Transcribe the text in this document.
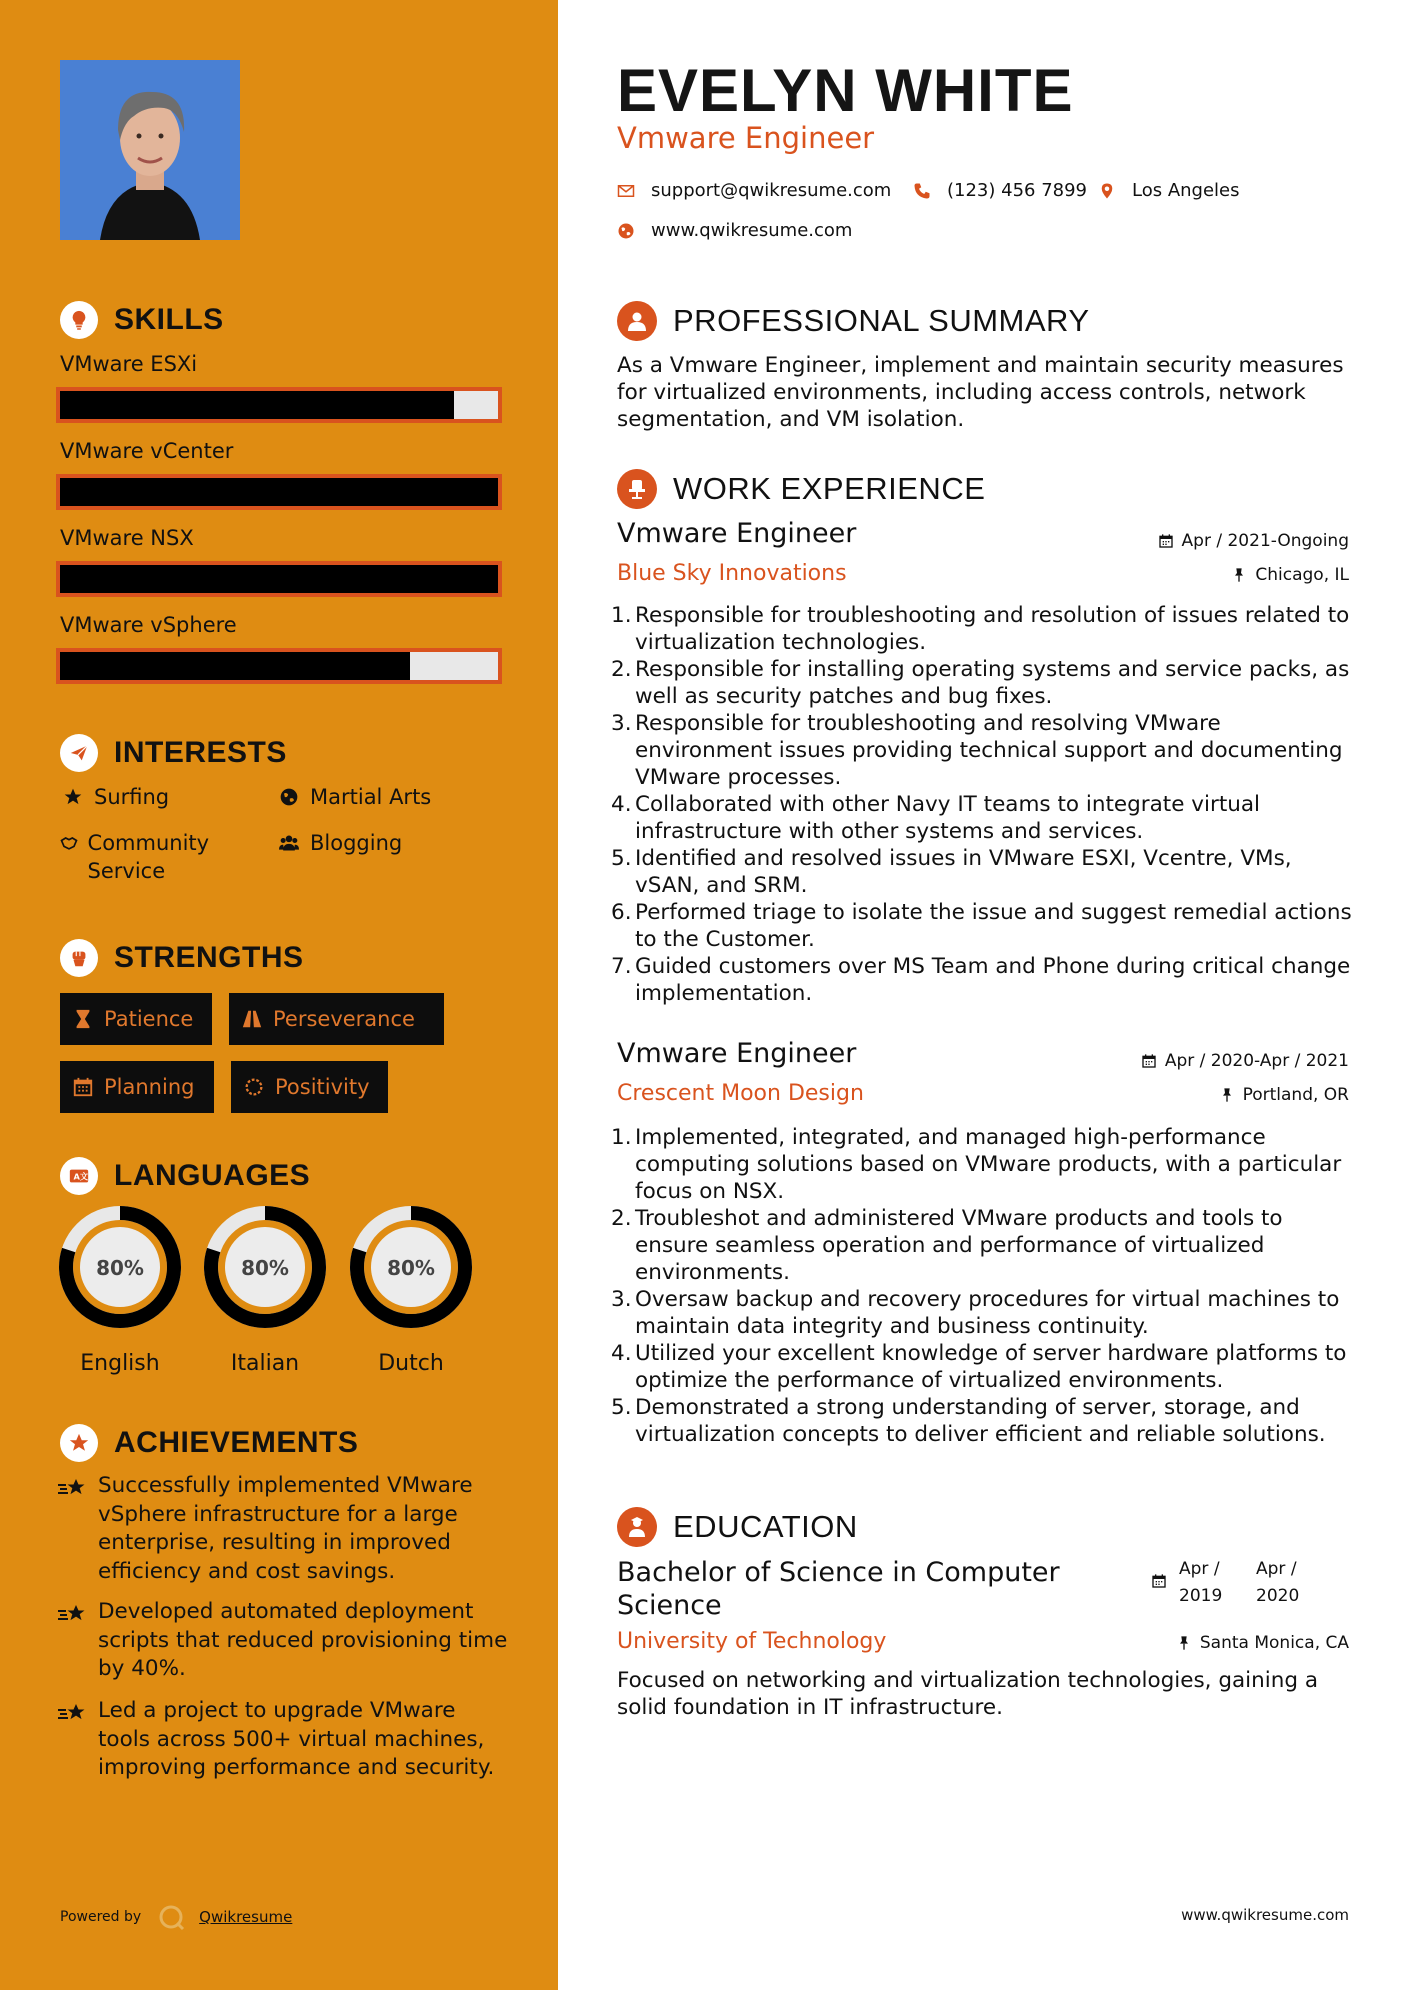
SKILLS
VMware ESXi
VMware vCenter
VMware NSX
VMware vSphere
INTERESTS
Surfing	Martial Arts
Community Service
Blogging
STRENGTHS
Patience	Perseverance
Planning	Positivity
A 文 LANGUAGES
80%
English
80%
Italian
80%
Dutch
ACHIEVEMENTS
Successfully implemented VMware vSphere infrastructure for a large enterprise, resulting in improved efficiency and cost savings.
Developed automated deployment scripts that reduced provisioning time by 40%.
Led a project to upgrade VMware tools across 500+ virtual machines, improving performance and security.
Powered by	Qwikresume
EVELYN WHITE
Vmware Engineer
support@qwikresume.com	(123) 456 7899 Los Angeles
www.qwikresume.com
PROFESSIONAL SUMMARY
As a Vmware Engineer, implement and maintain security measures for virtualized environments, including access controls, network segmentation, and VM isolation.
WORK EXPERIENCE
Vmware Engineer	Apr / 2021-Ongoing
Blue Sky Innovations	Chicago, IL
Responsible for troubleshooting and resolution of issues related to virtualization technologies.
Responsible for installing operating systems and service packs, as well as security patches and bug fixes.
Responsible for troubleshooting and resolving VMware environment issues providing technical support and documenting VMware processes.
Collaborated with other Navy IT teams to integrate virtual infrastructure with other systems and services.
Identified and resolved issues in VMware ESXI, Vcentre, VMs, vSAN, and SRM.
Performed triage to isolate the issue and suggest remedial actions to the Customer.
Guided customers over MS Team and Phone during critical change implementation.
Vmware Engineer	Apr / 2020-Apr / 2021
Crescent Moon Design	Portland, OR
Implemented, integrated, and managed high-performance computing solutions based on VMware products, with a particular focus on NSX.
Troubleshot and administered VMware products and tools to ensure seamless operation and performance of virtualized environments.
Oversaw backup and recovery procedures for virtual machines to maintain data integrity and business continuity.
Utilized your excellent knowledge of server hardware platforms to optimize the performance of virtualized environments.
Demonstrated a strong understanding of server, storage, and virtualization concepts to deliver efficient and reliable solutions.
EDUCATION
Bachelor of Science in Computer Science
Apr / 2019
Apr / 2020
University of Technology	Santa Monica, CA
Focused on networking and virtualization technologies, gaining a solid foundation in IT infrastructure.
www.qwikresume.com
